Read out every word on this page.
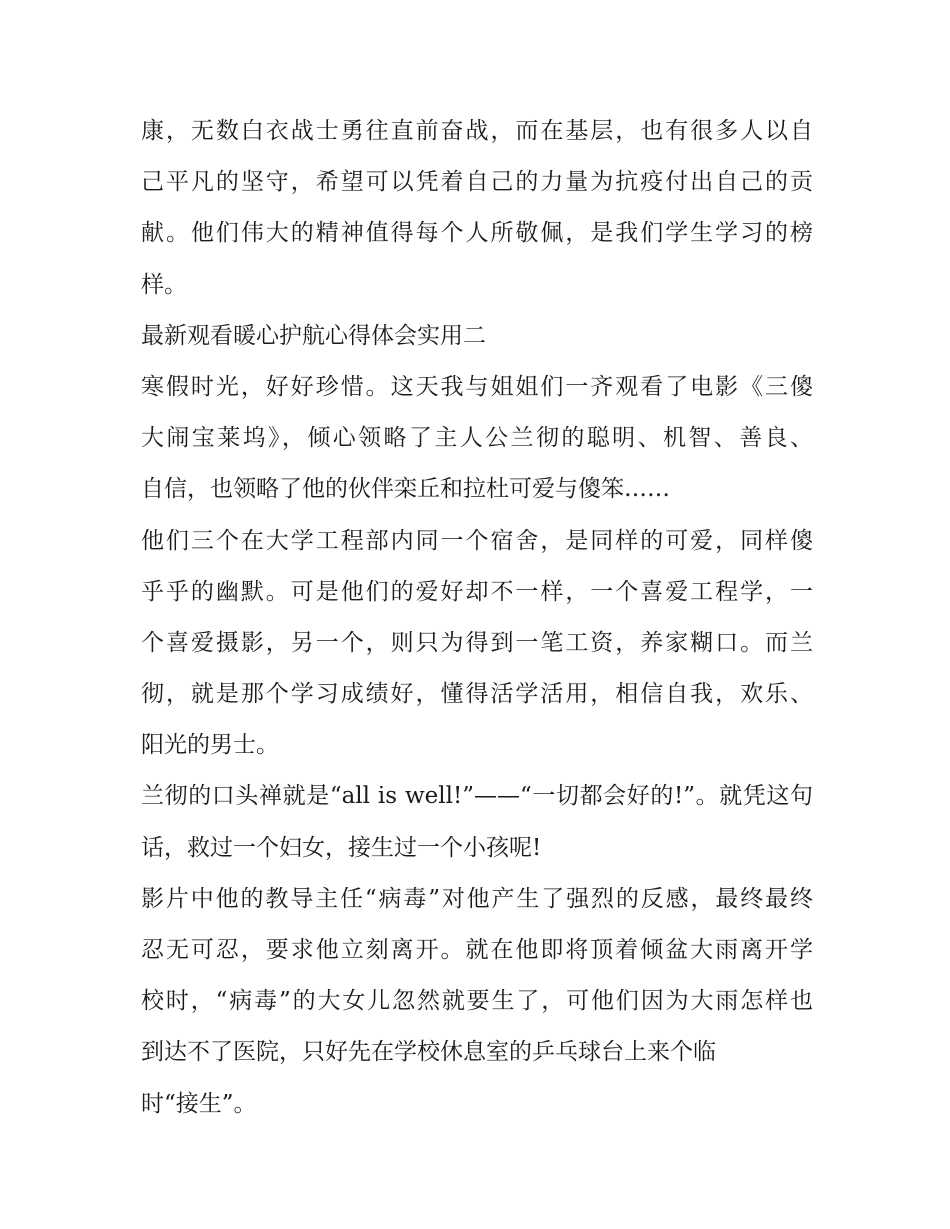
康，无数白衣战士勇往直前奋战，而在基层，也有很多人以自
己平凡的坚守，希望可以凭着自己的力量为抗疫付出自己的贡
献。他们伟大的精神值得每个人所敬佩，是我们学生学习的榜
样。
最新观看暖心护航心得体会实用二
寒假时光，好好珍惜。这天我与姐姐们一齐观看了电影《三傻
大闹宝莱坞》，倾心领略了主人公兰彻的聪明、机智、善良、
自信，也领略了他的伙伴栾丘和拉杜可爱与傻笨……
他们三个在大学工程部内同一个宿舍，是同样的可爱，同样傻
乎乎的幽默。可是他们的爱好却不一样，一个喜爱工程学，一
个喜爱摄影，另一个，则只为得到一笔工资，养家糊口。而兰
彻，就是那个学习成绩好，懂得活学活用，相信自我，欢乐、
阳光的男士。
兰彻的口头禅就是“all is well!”——“一切都会好的!”。就凭这句
话，救过一个妇女，接生过一个小孩呢!
影片中他的教导主任“病毒”对他产生了强烈的反感，最终最终
忍无可忍，要求他立刻离开。就在他即将顶着倾盆大雨离开学
校时，“病毒”的大女儿忽然就要生了，可他们因为大雨怎样也
到达不了医院，只好先在学校休息室的乒乓球台上来个临
时“接生”。
